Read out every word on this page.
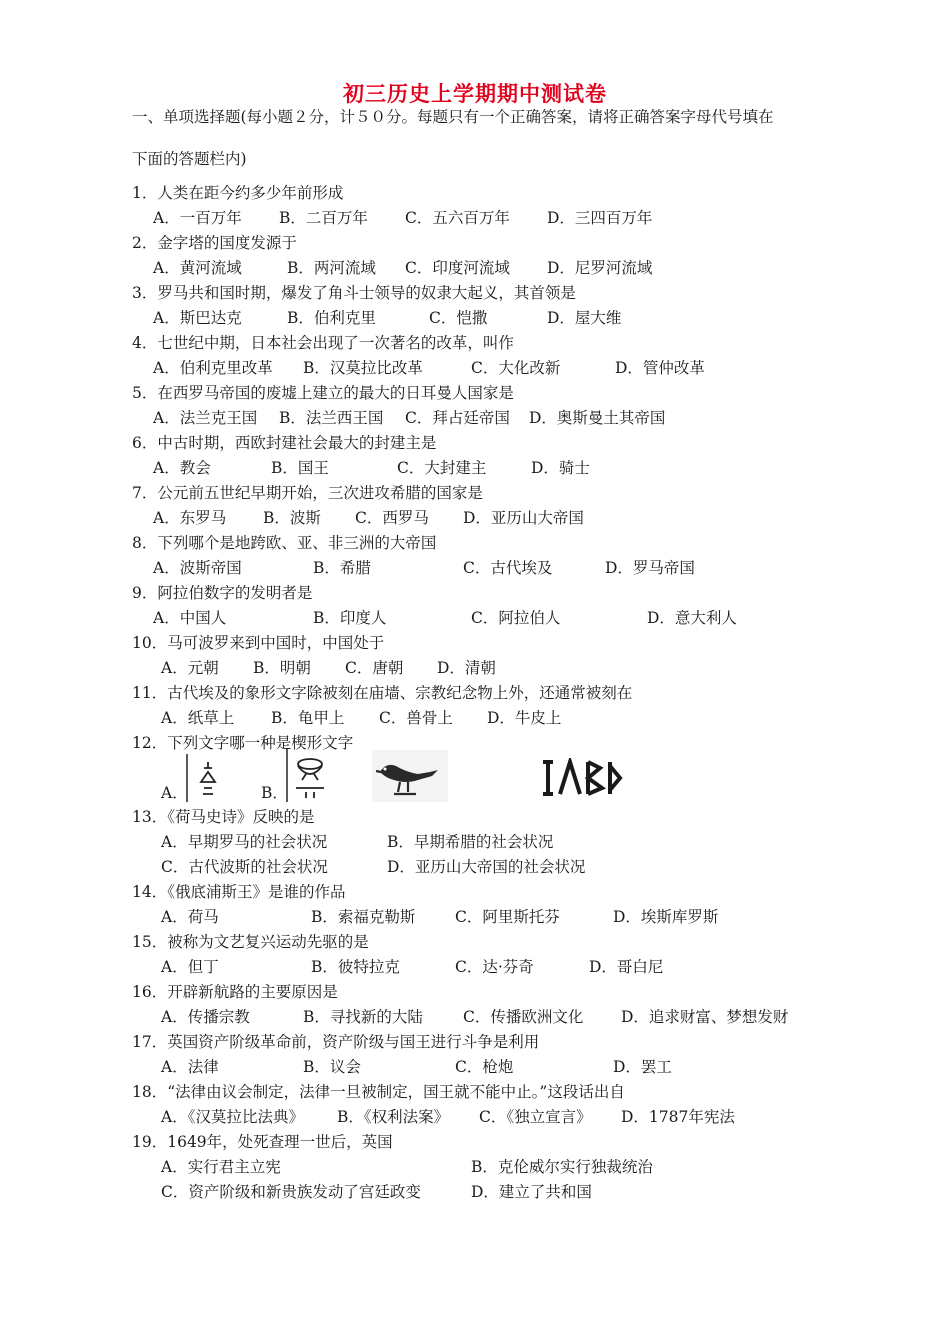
初三历史上学期期中测试卷
一、单项选择题(每小题２分，计５０分。每题只有一个正确答案，请将正确答案字母代号填在
下面的答题栏内)
1．人类在距今约多少年前形成
A．一百万年 B．二百万年 C．五六百万年 D．三四百万年
2．金字塔的国度发源于
A．黄河流域	B．两河流域 C．印度河流域 D．尼罗河流域
3．罗马共和国时期，爆发了角斗士领导的奴隶大起义，其首领是
A．斯巴达克	B．伯利克里	C．恺撒	D．屋大维
4．七世纪中期，日本社会出现了一次著名的改革，叫作
A．伯利克里改革 B．汉莫拉比改革	C．大化改新	D．管仲改革
5．在西罗马帝国的废墟上建立的最大的日耳曼人国家是
A．法兰克王国 B．法兰西王国 C．拜占廷帝国 D．奥斯曼土其帝国
6．中古时期，西欧封建社会最大的封建主是
A．教会	B．国王	C．大封建主	D．骑士
7．公元前五世纪早期开始，三次进攻希腊的国家是
A．东罗马 B．波斯 C．西罗马 D．亚历山大帝国
8．下列哪个是地跨欧、亚、非三洲的大帝国
A．波斯帝国	B．希腊	C．古代埃及	D．罗马帝国
9．阿拉伯数字的发明者是
A．中国人	B．印度人	C．阿拉伯人	D．意大利人
10．马可波罗来到中国时，中国处于
A．元朝 B．明朝 C．唐朝 D．清朝
11．古代埃及的象形文字除被刻在庙墙、宗教纪念物上外，还通常被刻在
A．纸草上 B．龟甲上 C．兽骨上 D．牛皮上
12．下列文字哪一种是楔形文字
A．	B．
13．《荷马史诗》反映的是
A．早期罗马的社会状况	B．早期希腊的社会状况
C．古代波斯的社会状况	D．亚历山大帝国的社会状况
14．《俄底浦斯王》是谁的作品
A．荷马	B．索福克勒斯	C．阿里斯托芬	D．埃斯库罗斯
15．被称为文艺复兴运动先驱的是
A．但丁	B．彼特拉克	C．达·芬奇	D．哥白尼
16．开辟新航路的主要原因是
A．传播宗教	B．寻找新的大陆	C．传播欧洲文化 D．追求财富、梦想发财
17．英国资产阶级革命前，资产阶级与国王进行斗争是利用
A．法律	B．议会	C．枪炮	D．罢工
18．“法律由议会制定，法律一旦被制定，国王就不能中止。”这段话出自
A．《汉莫拉比法典》 B．《权利法案》 C．《独立宣言》 D．1787年宪法
19．1649年，处死查理一世后，英国
A．实行君主立宪	B．克伦威尔实行独裁统治
C．资产阶级和新贵族发动了宫廷政变	D．建立了共和国
